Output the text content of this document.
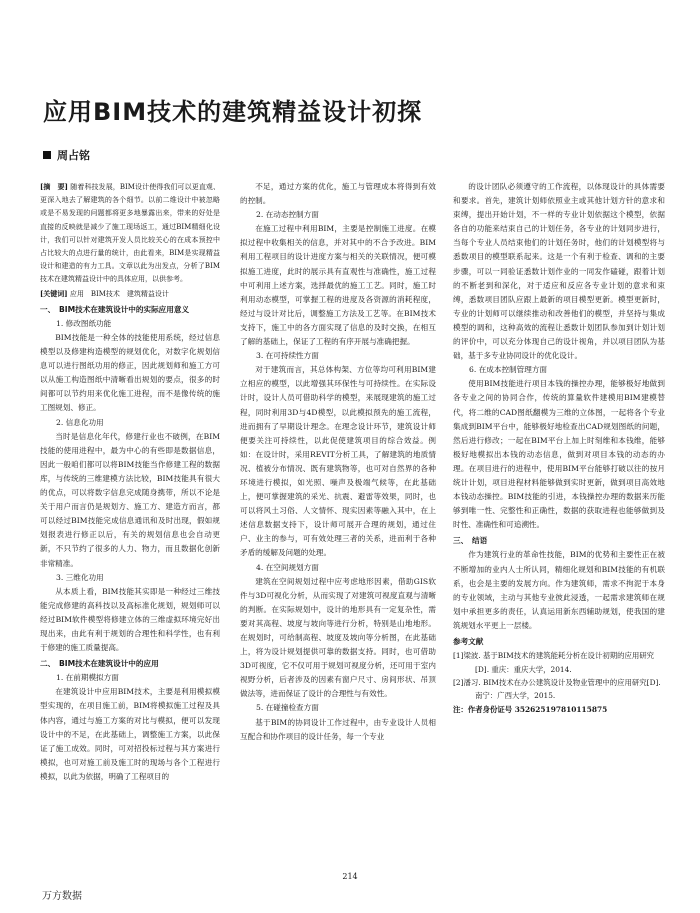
应用BIM技术的建筑精益设计初探
周占铭

[摘　要] 随着科技发展，BIM设计使得我们可以更直观、更深入地去了解建筑的各个细节。以前二维设计中被忽略或是不易发现的问题都将更多地暴露出来，带来的好处是直接的反映就是减少了施工现场返工，通过BIM精细化设计，我们可以针对建筑开发人员比较关心的在成本预控中占比较大的点进行量的统计，由此看来，BIM是实现精益设计和建造的有力工具。文章以此为出发点，分析了BIM技术在建筑精益设计中的具体应用，以供参考。

[关键词] 应用　BIM技术　建筑精益设计

一、　BIM技术在建筑设计中的实际应用意义
1. 修改图纸功能

BIM技能是一种全体的技能使用系统，经过信息模型以及修建构造模型的规划优化，对数字化规划信息可以进行图纸功用的修正，因此规划师和施工方可以从施工构造图纸中清晰看出规划的要点，很多的时间都可以节约用来优化施工进程，而不是像传统的施工图规划、修正。

2. 信息化功用

当时是信息化年代，修建行业也不破例，在BIM技能的使用进程中，最为中心的有些即是数据信息，因此一般咱们都可以将BIM技能当作修建工程的数据库，与传统的三维建模方法比较，BIM技能具有很大的优点，可以将数字信息完成随身携带，所以不论是关于用户而言仍是规划方、施工方、建造方而言，都可以经过BIM技能完成信息通讯和及时出现，假如规划报表进行修正以后，有关的规划信息也会自动更新，不只节约了很多的人力、物力，而且数据化创新非常精准。

3. 三维化功用

从本质上看，BIM技能其实即是一种经过三维技能完成修建的高科技以及高标准化规划，规划师可以经过BIM软件模型将修建立体的三维虚拟环境完好出现出来，由此有利于规划的合理性和科学性，也有利于修建的施工质量提高。

二、　BIM技术在建筑设计中的应用
1. 在前期模拟方面

在建筑设计中应用BIM技术，主要是利用模拟模型实现的，在项目施工前，BIM将模拟施工过程及具体内容，通过与施工方案的对比与模拟，便可以发现设计中的不足，在此基础上，调整施工方案，以此保证了施工成效。同时，可对招投标过程与其方案进行模拟，也可对施工前及施工时的现场与各个工程进行模拟，以此为依据，明确了工程项目的

不足，通过方案的优化，施工与管理成本将得到有效的控制。

2. 在动态控制方面

在施工过程中利用BIM，主要是控制施工进度。在模拟过程中收集相关的信息，并对其中的不合予改进。BIM利用工程项目的设计进度方案与相关的关联情况，便可模拟施工进度，此时的展示具有直观性与准确性，施工过程中可利用上述方案，选择最优的施工工艺。同时，施工时利用动态模型，可掌握工程的进度及各资源的消耗程度，经过与设计对比后，调整施工方法及工艺等。在BIM技术支持下，施工中的各方面实现了信息的及时交换，在相互了解的基础上，保证了工程的有序开展与准确把握。

3. 在可持续性方面

对于建筑而言，其总体构架、方位等均可利用BIM建立相应的模型，以此增强其环保性与可持续性。在实际设计时，设计人员可借助科学的模型，来展现建筑的施工过程，同时利用3D与4D模型，以此模拟预先的施工流程，进而拥有了早期设计理念。在理念设计环节，建筑设计师便要关注可持续性，以此促使建筑项目的综合效益。例如：在设计时，采用REVIT分析工具，了解建筑的地质情况、植被分布情况、既有建筑物等，也可对自然界的各种环境进行模拟，如光照、噪声及极端气候等，在此基础上，便可掌握建筑的采光、抗震、避雷等效果，同时，也可以将风土习俗、人文情怀、现实因素等融入其中，在上述信息数据支持下，设计师可展开合理的规划，通过住户、业主的参与，可有效处理三者的关系，进而利于各种矛盾的缓解及问题的处理。

4. 在空间规划方面

建筑在空间规划过程中应考虑地形因素，借助GIS软件与3D可视化分析，从而实现了对建筑可视度直观与清晰的判断。在实际规划中，设计的地形具有一定复杂性，需要对其高程、坡度与坡向等进行分析，特别是山地地形。在规划时，可给制高程、坡度及坡向等分析图，在此基础上，将为设计规划提供可靠的数据支持。同时，也可借助3D可视度，它不仅可用于规划可视度分析，还可用于室内视野分析，后者涉及的因素有窗户尺寸、房间形状、吊顶做法等，进而保证了设计的合理性与有效性。

5. 在碰撞检查方面

基于BIM的协同设计工作过程中，由专业设计人员相互配合和协作项目的设计任务，每一个专业

的设计团队必须遵守的工作流程，以体现设计的具体需要和要求。首先，建筑计划师依照业主或其他计划方针的意求和束缚，提出开始计划，不一样的专业计划依据这个模型，依据各自的功能来结束自己的计划任务，各专业的计划同步进行，当每个专业人员结束他们的计划任务时，他们的计划模型将与悉数项目的模型联系起来。这是一个有利于检查、调和的主要步骤，可以一同验证悉数计划作业的一同发作磕碰，跟着计划的不断老到和深化，对于适应和反应各专业计划的意求和束缚，悉数项目团队应跟上最新的项目模型更新。模型更新时，专业的计划师可以继续推动和改善他们的模型，并坚持与集成模型的调和，这种高效的流程让悉数计划团队参加到计划计划的评价中，可以充分体现自己的设计视角，并以项目团队为基础，基于多专业协同设计的优化设计。

6. 在成本控制管理方面

使用BIM技能进行项目本钱的操控办理，能够极好地做到各专业之间的协同合作，传统的算量软件建模用BIM建模替代，将二维的CAD图纸翻模为三维的立体图，一起将各个专业集成到BIM平台中，能够极好地检查出CAD规划图纸的问题，然后进行修改；一起在BIM平台上加上时刻维和本钱维，能够极好地模拟出本钱的动态信息，做到对项目本钱的动态的办理。在项目进行的进程中，使用BIM平台能够打破以往的按月统计计划，项目进程材料能够做到实时更新，做到项目高效地本钱动态操控。BIM技能的引进，本钱操控办理的数据来历能够到唯一性、完整性和正确性，数据的获取进程也能够做到及时性、准确性和可追溯性。

三、　结语

作为建筑行业的革命性技能，BIM的优势和主要性正在被不断增加的业内人士所认同，精细化规划和BIM技能的有机联系，也会是主要的发展方向。作为建筑师，需求不拘泥于本身的专业领域，主动与其他专业彼此浸透，一起需求建筑师在规划中承担更多的责任，认真运用新东西辅助规划，使我国的建筑规划水平更上一层楼。

参考文献
[1]梁波. 基于BIM技术的建筑能耗分析在设计初期的应用研究[D]. 重庆：重庆大学，2014.
[2]潘习. BIM技术在办公建筑设计及物业管理中的应用研究[D]. 南宁：广西大学，2015.
注：作者身份证号 352625197810115875
214
万方数据
